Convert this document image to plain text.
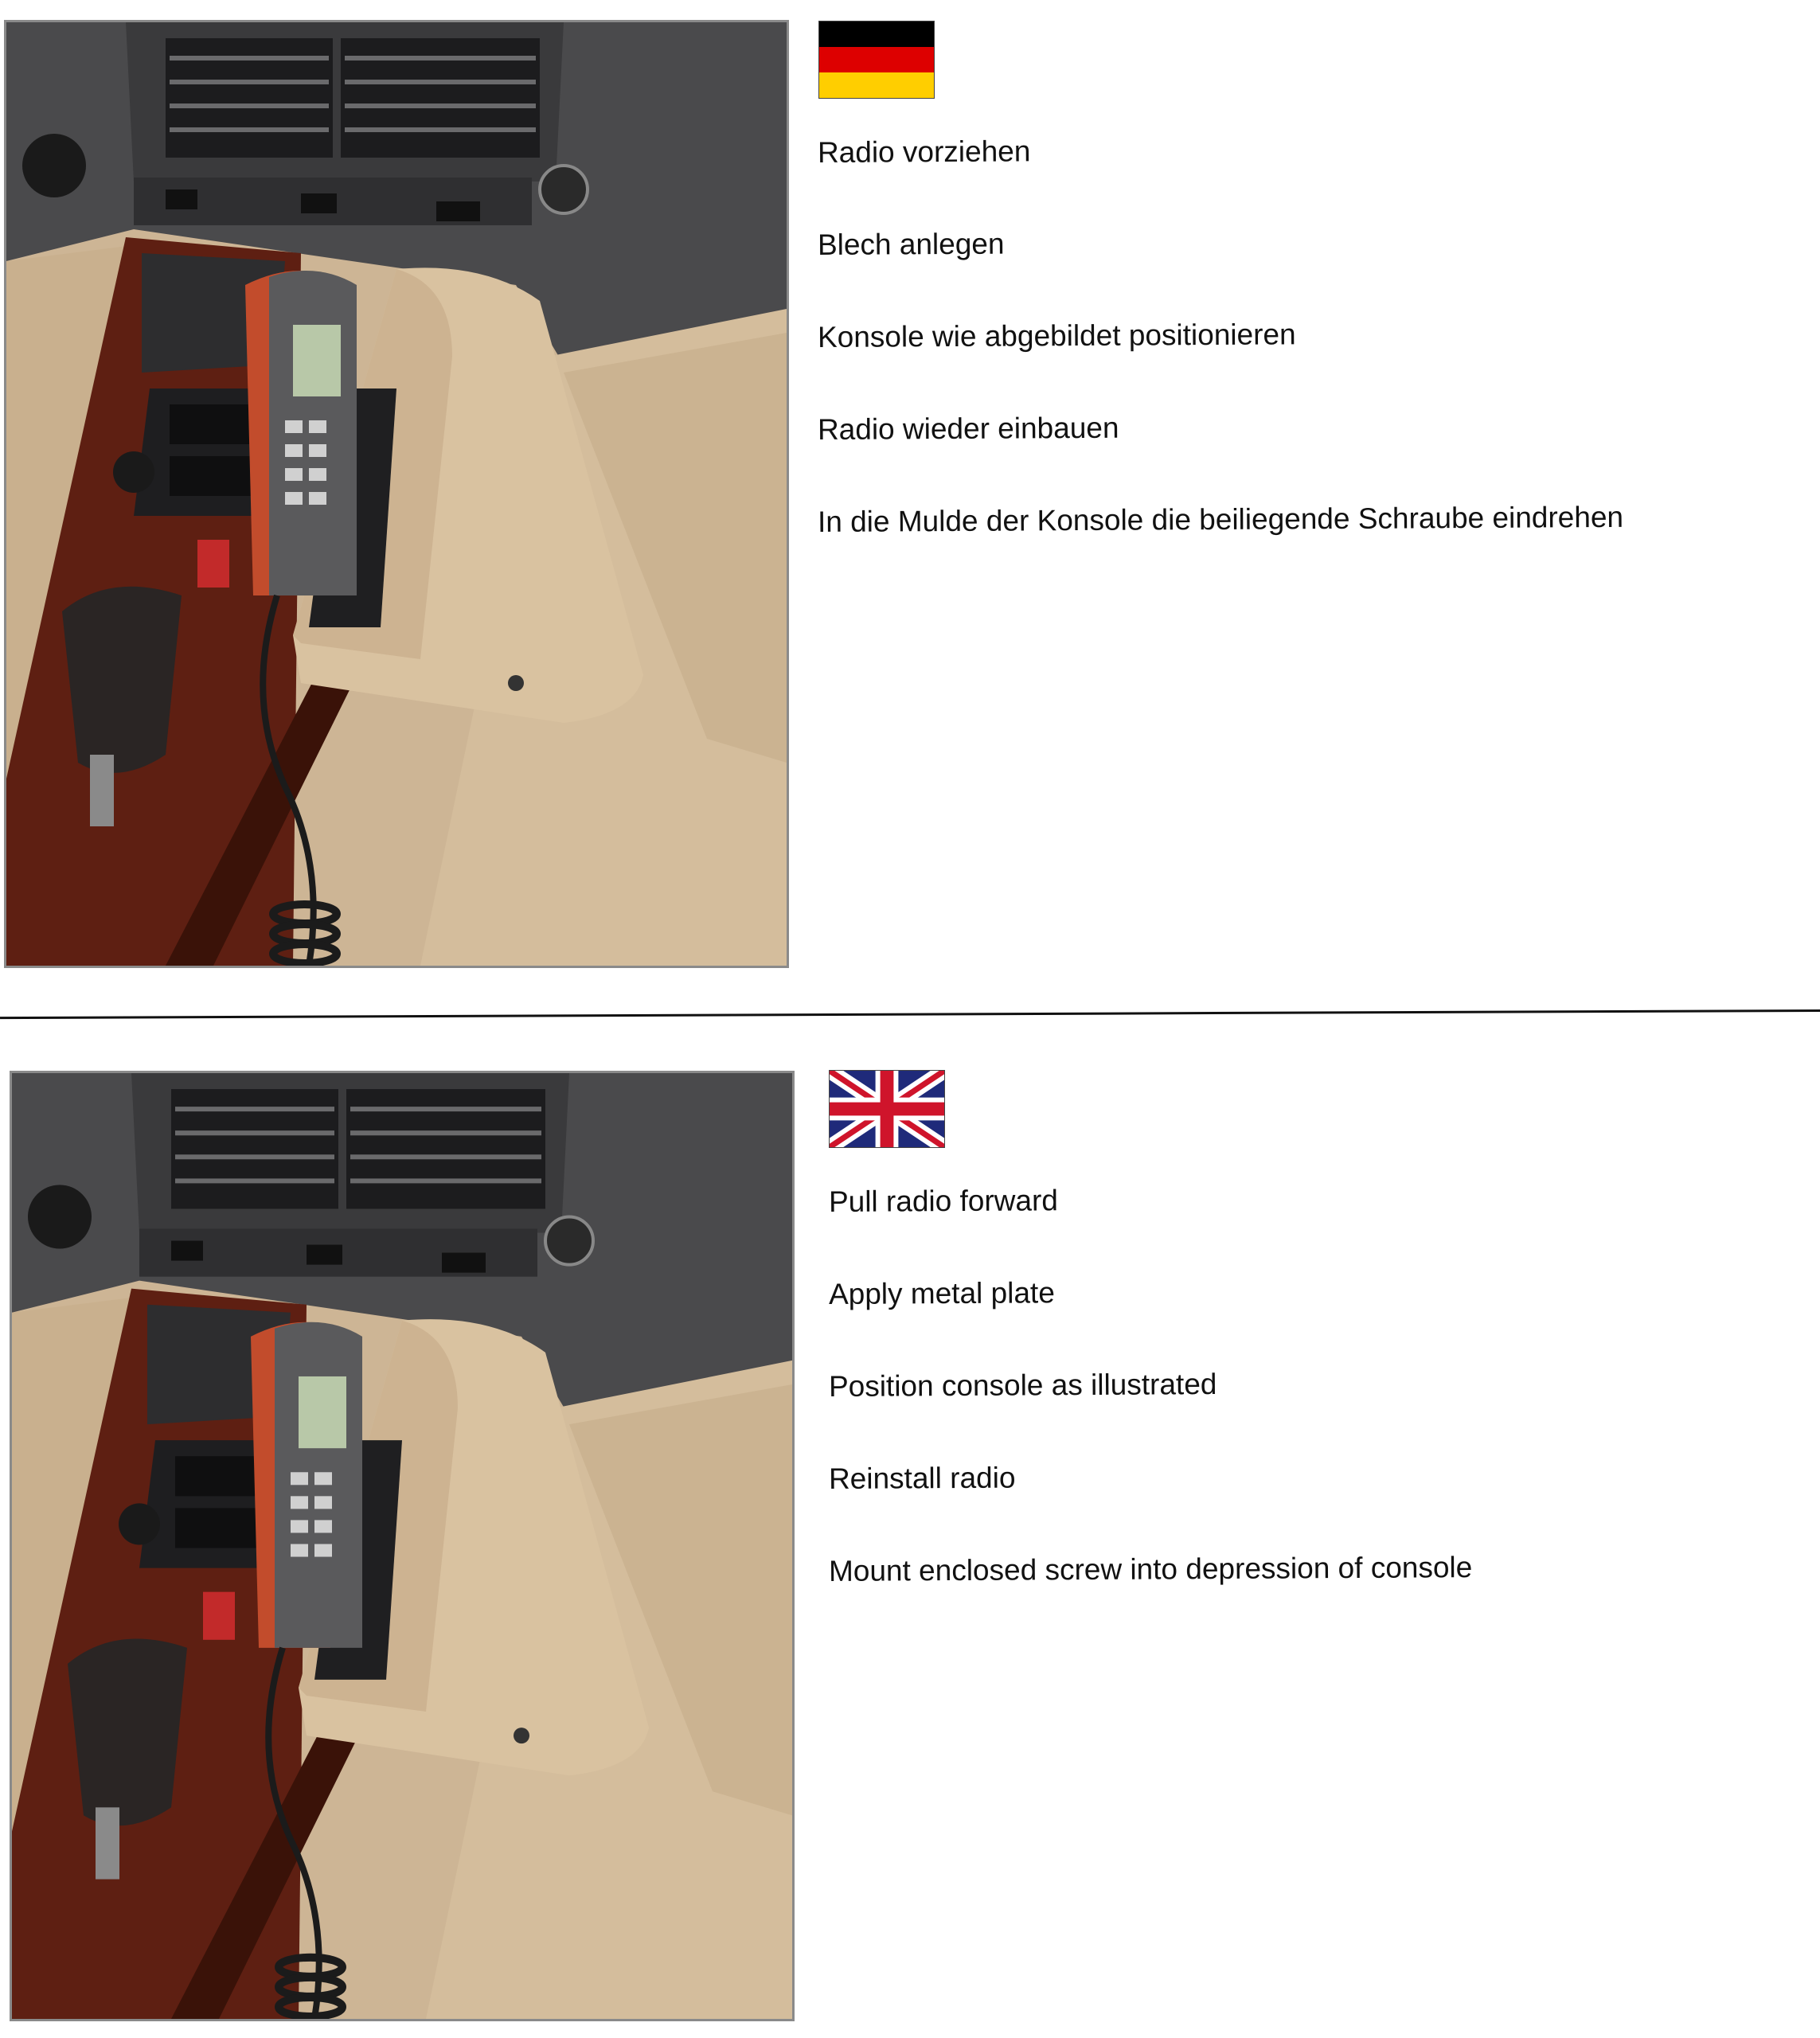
Radio vorziehen
Blech anlegen
Konsole wie abgebildet positionieren
Radio wieder einbauen
In die Mulde der Konsole die beiliegende Schraube eindrehen
Pull radio forward
Apply metal plate
Position console as illustrated
Reinstall radio
Mount enclosed screw into depression of console
